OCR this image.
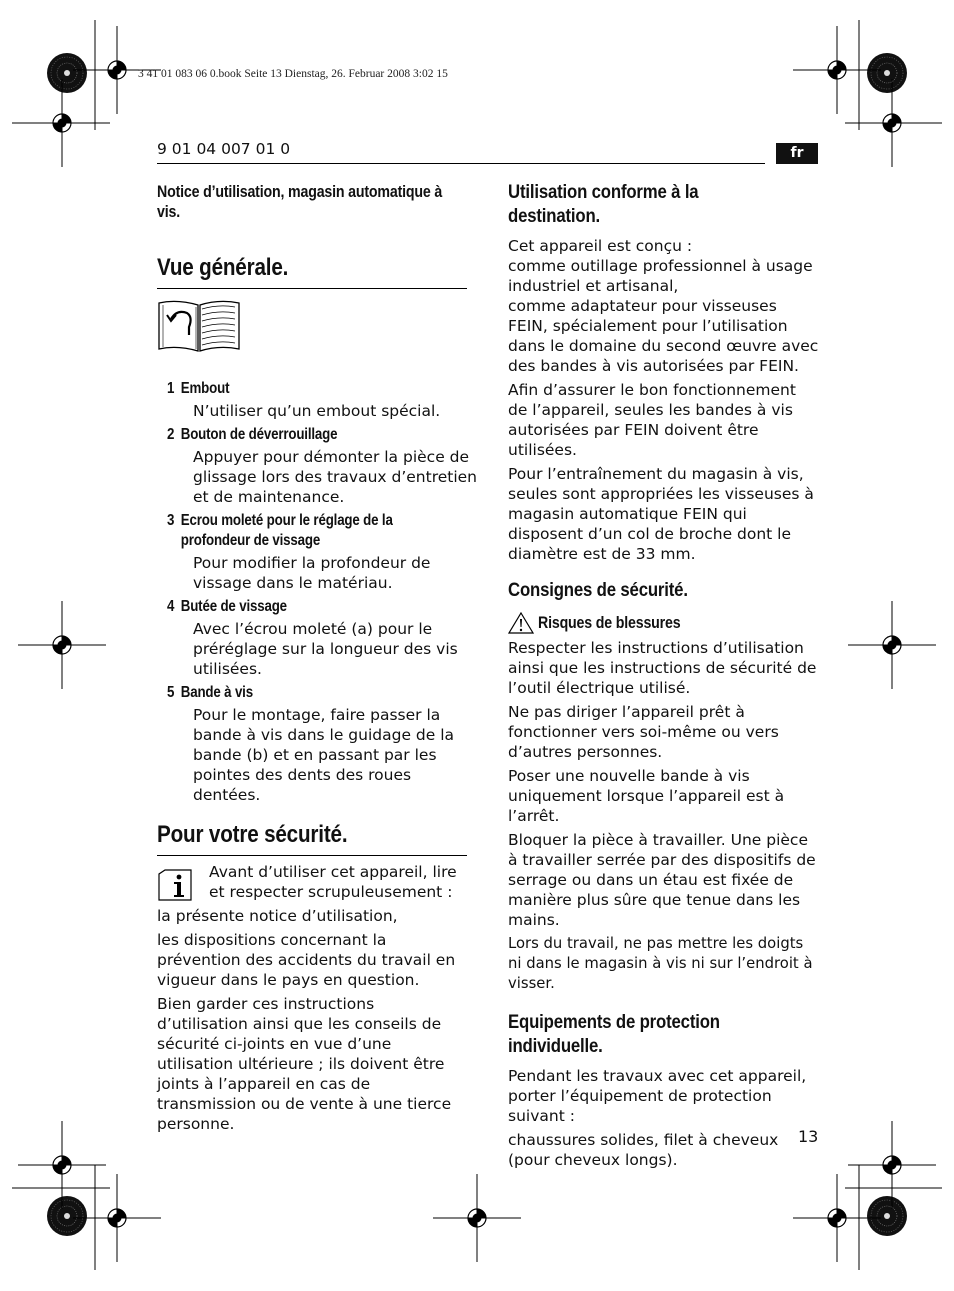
3 41 01 083 06 0.book Seite 13 Dienstag, 26. Februar 2008 3:02 15
9 01 04 007 01 0	fr
Notice d’utilisation, magasin automatique à vis.
Vue générale.
1 Embout
N’utiliser qu’un embout spécial.
2 Bouton de déverrouillage
Appuyer pour démonter la pièce de glissage lors des travaux d’entretien et de maintenance.
3 Ecrou moleté pour le réglage de la profondeur de vissage
Pour modifier la profondeur de vissage dans le matériau.
4 Butée de vissage
Avec l’écrou moleté (a) pour le préréglage sur la longueur des vis utilisées.
5 Bande à vis
Pour le montage, faire passer la bande à vis dans le guidage de la bande (b) et en passant par les pointes des dents des roues dentées.
Pour votre sécurité.
Avant d’utiliser cet appareil, lire et respecter scrupuleusement :

la présente notice d’utilisation,

les dispositions concernant la prévention des accidents du travail en vigueur dans le pays en question.

Bien garder ces instructions d’utilisation ainsi que les conseils de sécurité ci-joints en vue d’une utilisation ultérieure ; ils doivent être joints à l’appareil en cas de transmission ou de vente à une tierce personne.

Utilisation conforme à la destination.

Cet appareil est conçu :

comme outillage professionnel à usage industriel et artisanal,

comme adaptateur pour visseuses FEIN, spécialement pour l’utilisation dans le domaine du second œuvre avec des bandes à vis autorisées par FEIN.

Afin d’assurer le bon fonctionnement de l’appareil, seules les bandes à vis autorisées par FEIN doivent être utilisées.

Pour l’entraînement du magasin à vis, seules sont appropriées les visseuses à magasin automatique FEIN qui disposent d’un col de broche dont le diamètre est de 33 mm.

Consignes de sécurité.
Risques de blessures

Respecter les instructions d’utilisation ainsi que les instructions de sécurité de l’outil électrique utilisé.

Ne pas diriger l’appareil prêt à fonctionner vers soi-même ou vers d’autres personnes.

Poser une nouvelle bande à vis uniquement lorsque l’appareil est à l’arrêt.

Bloquer la pièce à travailler. Une pièce à travailler serrée par des dispositifs de serrage ou dans un étau est fixée de manière plus sûre que tenue dans les mains.

Lors du travail, ne pas mettre les doigts ni dans le magasin à vis ni sur l’endroit à visser.

Equipements de protection individuelle.

Pendant les travaux avec cet appareil, porter l’équipement de protection suivant :

chaussures solides, filet à cheveux (pour cheveux longs).

13
